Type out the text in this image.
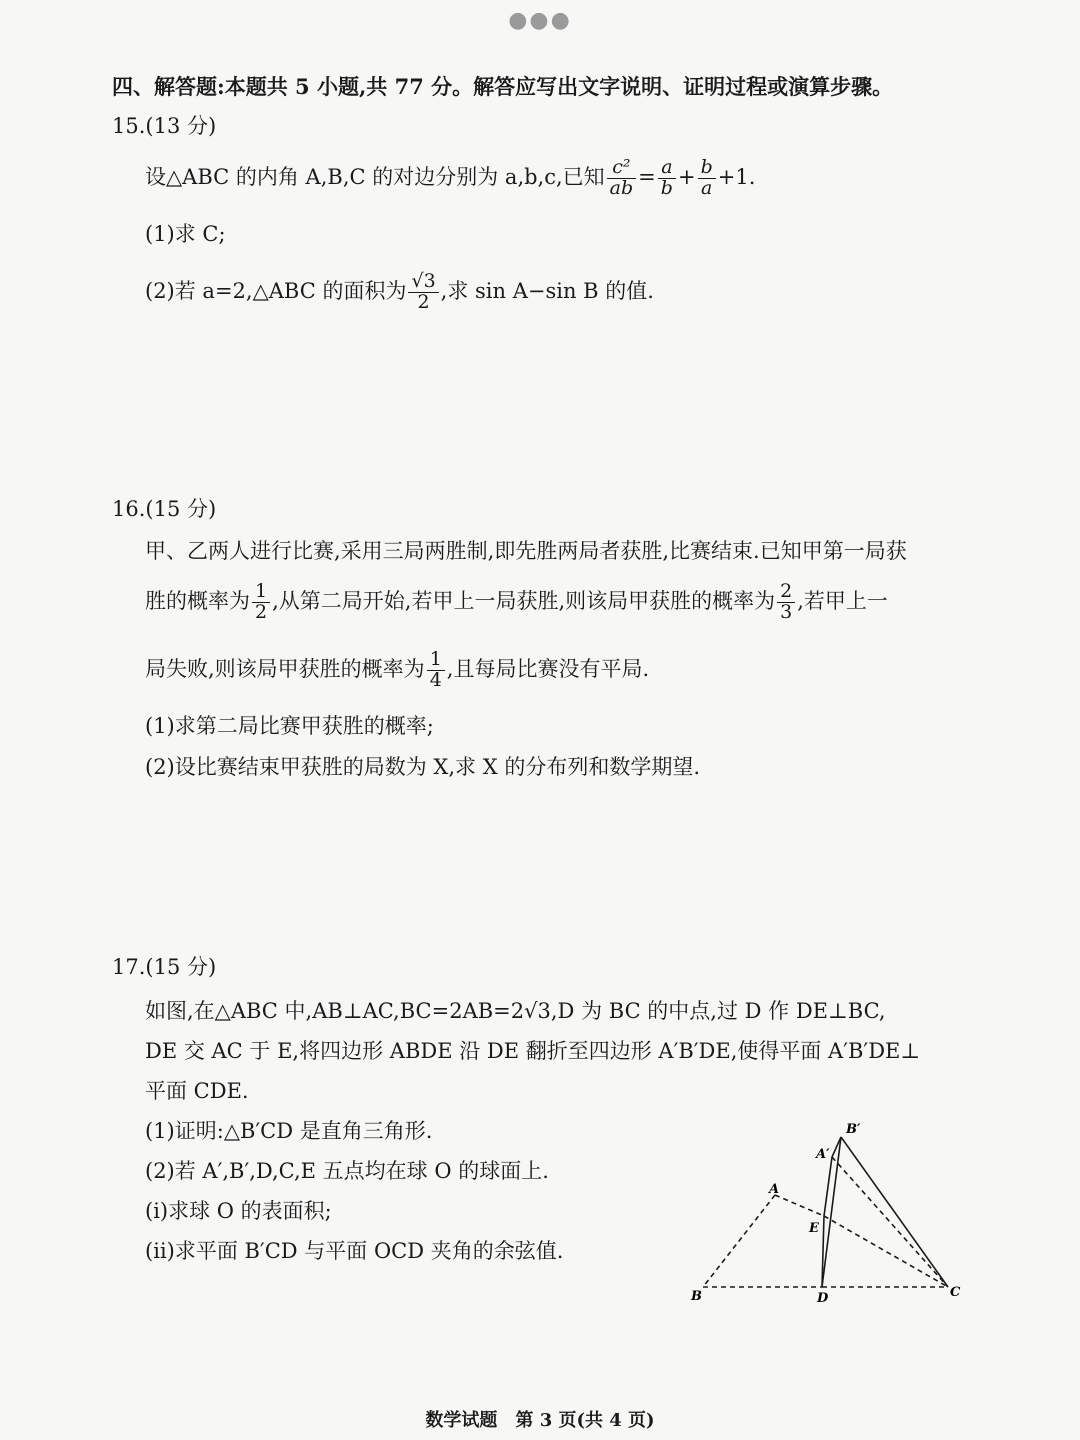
●●●
四、解答题:本题共 5 小题,共 77 分。解答应写出文字说明、证明过程或演算步骤。
15.(13 分)
设△ABC 的内角 A,B,C 的对边分别为 a,b,c,已知 $\frac{\text{c²}}{ab} = \frac{a}{b} + \frac{b}{a} +1$.
(1)求 C;
(2)若 a=2,△ABC 的面积为 $\frac{√3}{2}$ ,求 sin A−sin B 的值.
16.(15 分)
甲、乙两人进行比赛,采用三局两胜制,即先胜两局者获胜,比赛结束.已知甲第一局获
胜的概率为 $\frac{1}{2}$ ,从第二局开始,若甲上一局获胜,则该局甲获胜的概率为 $\frac{2}{3}$ ,若甲上一
局失败,则该局甲获胜的概率为 $\frac{1}{4}$ ,且每局比赛没有平局.
(1)求第二局比赛甲获胜的概率;
(2)设比赛结束甲获胜的局数为 X,求 X 的分布列和数学期望.
17.(15 分)
如图,在△ABC 中,AB⊥AC,BC=2AB=2√3,D 为 BC 的中点,过 D 作 DE⊥BC,
DE 交 AC 于 E,将四边形 ABDE 沿 DE 翻折至四边形 A′B′DE,使得平面 A′B′DE⊥
平面 CDE.
(1)证明:△B′CD 是直角三角形.
(2)若 A′,B′,D,C,E 五点均在球 O 的球面上.
(ⅰ)求球 O 的表面积;
(ⅱ)求平面 B′CD 与平面 OCD 夹角的余弦值.
A
B	C
D
E
A′
B′
数学试题　第 3 页(共 4 页)
